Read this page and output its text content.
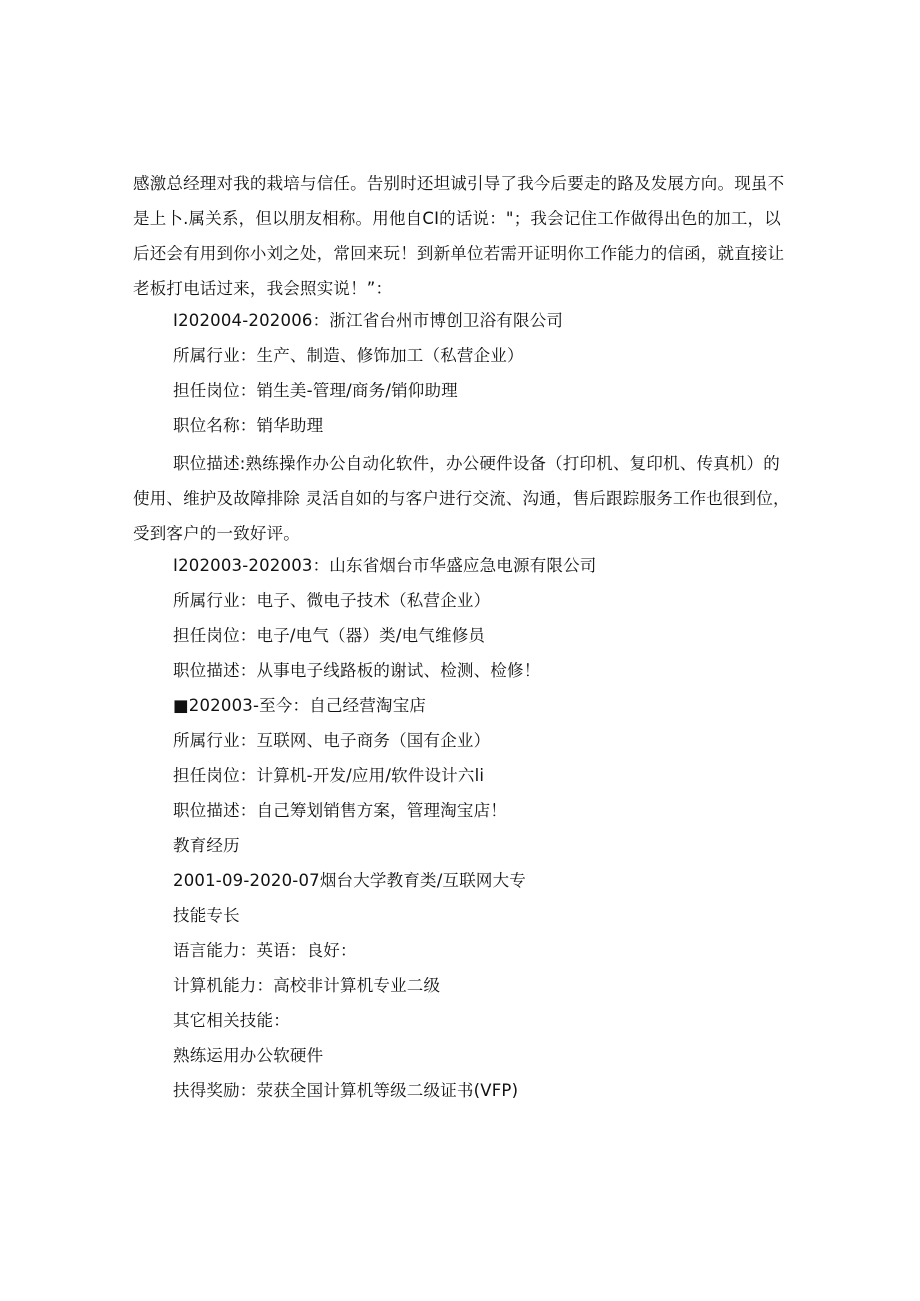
感激总经理对我的栽培与信任。告别时还坦诚引导了我今后要走的路及发展方向。现虽不是上卜.属关系，但以朋友相称。用他自CI的话说："；我会记住工作做得出色的加工，以后还会有用到你小刘之处，常回来玩！到新单位若需开证明你工作能力的信函，就直接让老板打电话过来，我会照实说！”：

I202004-202006：浙江省台州市博创卫浴有限公司

所属行业：生产、制造、修饰加工（私营企业）

担任岗位：销生美-管理/商务/销仰助理

职位名称：销华助理

职位描述:熟练操作办公自动化软件，办公硬件设备（打印机、复印机、传真机）的使用、维护及故障排除 灵活自如的与客户进行交流、沟通，售后跟踪服务工作也很到位，受到客户的一致好评。

I202003-202003：山东省烟台市华盛应急电源有限公司

所属行业：电子、微电子技术（私营企业）

担任岗位：电子/电气（器）类/电气维修员

职位描述：从事电子线路板的谢试、检测、检修！

■202003-至今：自己经营淘宝店

所属行业：互联网、电子商务（国有企业）

担任岗位：计算机-开发/应用/软件设计六li

职位描述：自己筹划销售方案，管理淘宝店！

教育经历

2001-09-2020-07烟台大学教育类/互联网大专

技能专长

语言能力：英语：良好：

计算机能力：高校非计算机专业二级

其它相关技能：

熟练运用办公软硬件

扶得奖励：荥获全国计算机等级二级证书(VFP)
